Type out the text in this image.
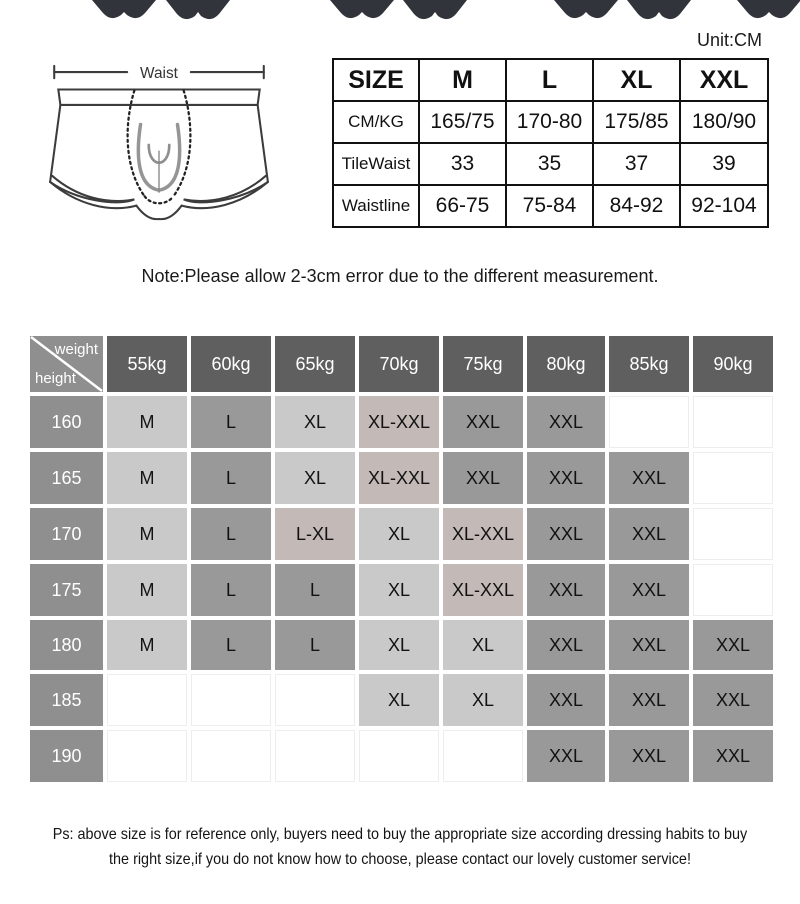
Unit:CM
Waist	SIZE	M	L	XL	XXL
CM/KG	165/75	170-80	175/85	180/90
TileWaist	33	35	37	39
Waistline	66-75	75-84	84-92	92-104
Note:Please allow 2-3cm error due to the different measurement.
weight
height	55kg	60kg	65kg	70kg	75kg	80kg	85kg	90kg
160	M	L	XL	XL-XXL	XXL	XXL		
165	M	L	XL	XL-XXL	XXL	XXL	XXL	
170	M	L	L-XL	XL	XL-XXL	XXL	XXL	
175	M	L	L	XL	XL-XXL	XXL	XXL	
180	M	L	L	XL	XL	XXL	XXL	XXL
185				XL	XL	XXL	XXL	XXL
190						XXL	XXL	XXL
Ps: above size is for reference only, buyers need to buy the appropriate size according dressing habits to buy
the right size,if you do not know how to choose, please contact our lovely customer service!
